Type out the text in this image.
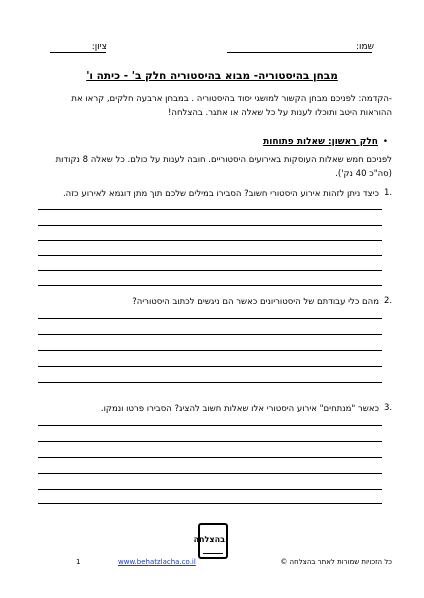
שמו:
ציון:
מבחן בהיסטוריה- מבוא בהיסטוריה חלק ב' - כיתה ו'
-הקדמה: לפניכם מבחן הקשור למושגי יסוד בהיסטוריה . במבחן ארבעה חלקים, קראו את
ההוראות היטב ותוכלו לענות על כל שאלה או אתגר. בהצלחה!
•
חלק ראשון: שאלות פתוחות
לפניכם חמש שאלות העוסקות באירועים היסטוריים. חובה לענות על כולם. כל שאלה 8 נקודות
(סה"כ 40 נק').
1.
כיצד ניתן לזהות אירוע היסטורי חשוב? הסבירו במילים שלכם תוך מתן דוגמא לאירוע כזה.
2.
מהם כלי עבודתם של היסטוריונים כאשר הם ניגשים לכתוב היסטוריה?
3.
כאשר "מנתחים" אירוע היסטורי אלו שאלות חשוב להציג? הסבירו פרטו ונמקו.
בהצלחה
1	www.behatzlacha.co.il	כל הזכויות שמורות לאתר בהצלחה ©
